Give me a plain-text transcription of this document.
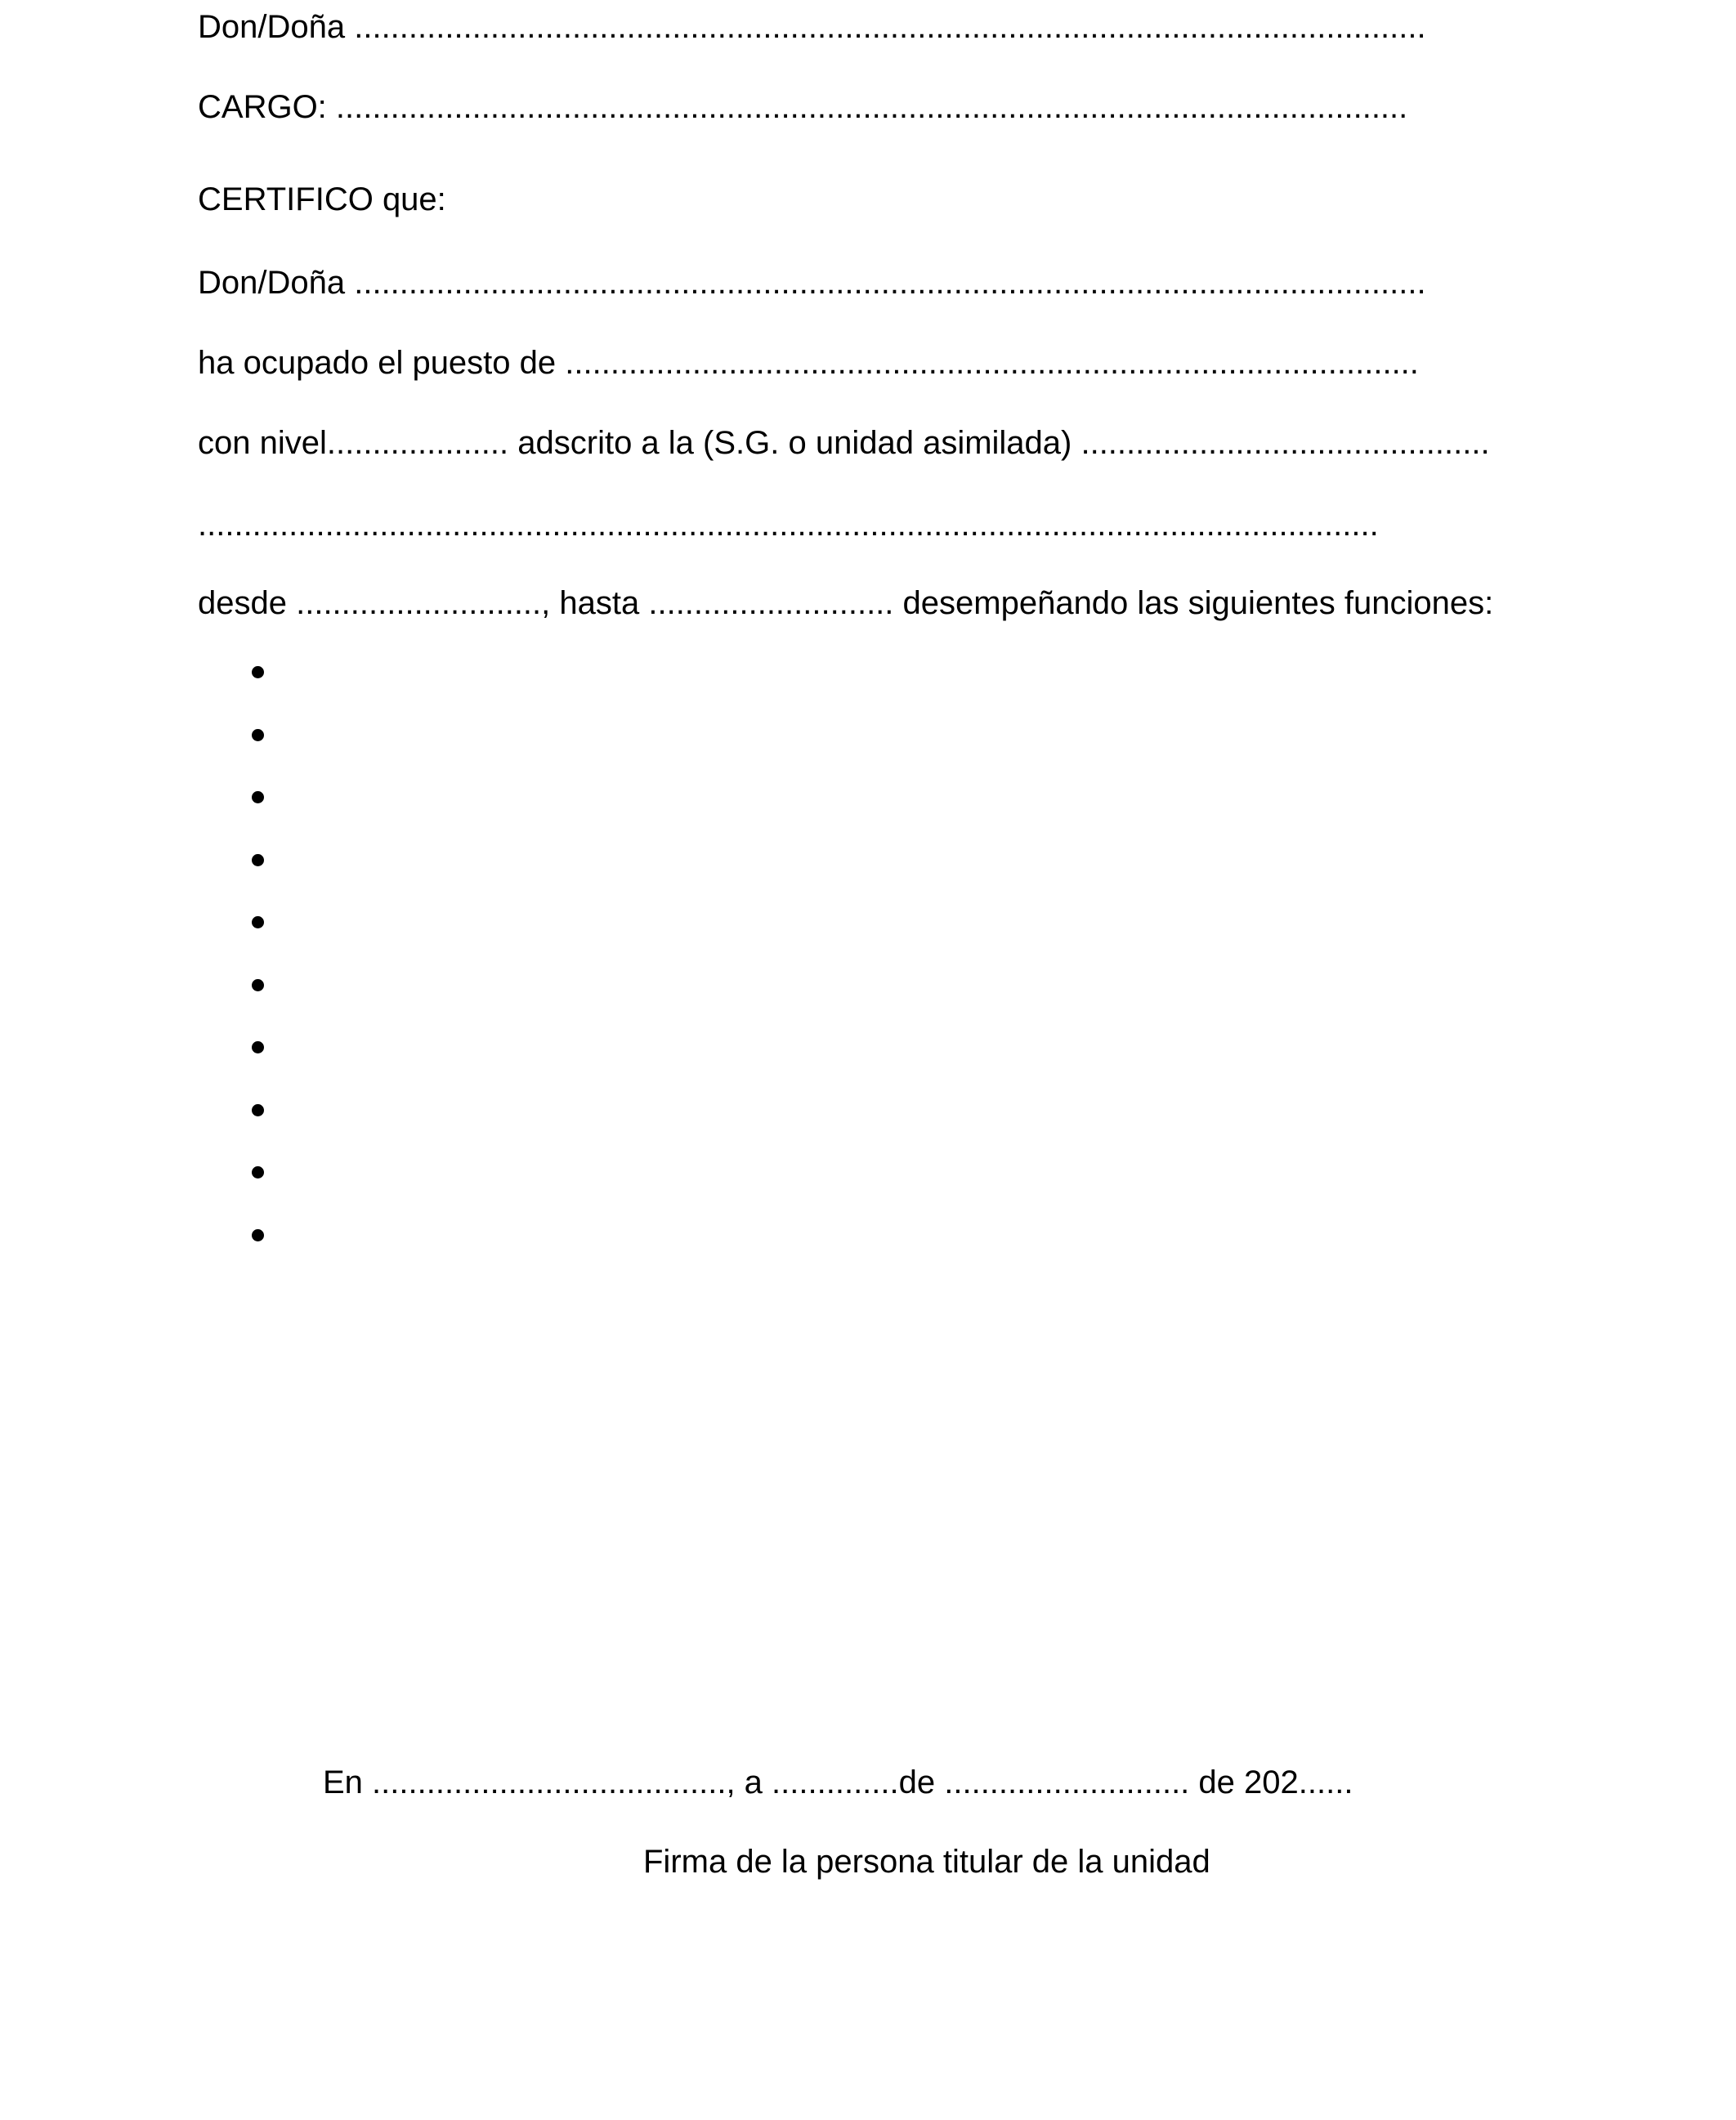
Don/Doña ......................................................................................................................
CARGO: ......................................................................................................................
CERTIFICO que:
Don/Doña ......................................................................................................................
ha ocupado el puesto de ..............................................................................................
con nivel.................... adscrito a la (S.G. o unidad asimilada) .............................................
..................................................................................................................................
desde ..........................., hasta ........................... desempeñando las siguientes funciones:
En ......................................., a ..............de ........................... de 202......
Firma de la persona titular de la unidad
